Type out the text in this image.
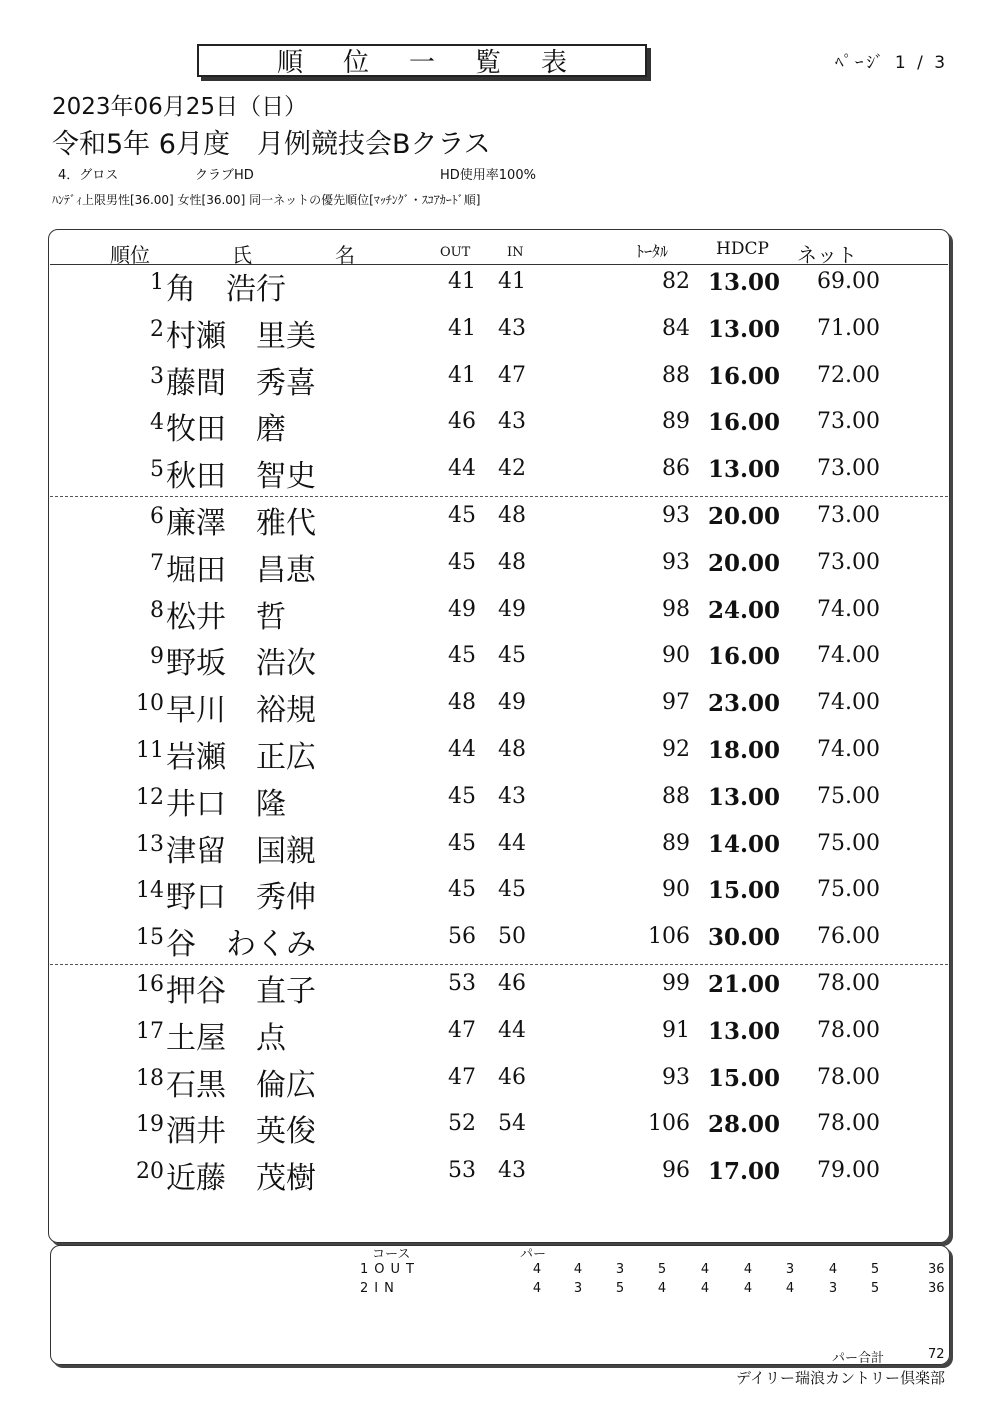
順位一覧表	ﾍﾟｰｼﾞ 1 / 3
2023年06月25日（日）
令和5年 6月度　月例競技会Bクラス
4．グロス	クラブHD	HD使用率100%
ﾊﾝﾃﾞｨ上限男性[36.00] 女性[36.00] 同一ネットの優先順位[ﾏｯﾁﾝｸﾞ・ｽｺｱｶｰﾄﾞ順]
順位	氏	名	OUT	IN	ﾄｰﾀﾙ	HDCP ネット
1 角　浩行	41	41	82 13.00	69.00
2 村瀬　里美	41	43	84 13.00	71.00
3 藤間　秀喜	41	47	88 16.00	72.00
4 牧田　磨	46	43	89 16.00	73.00
5 秋田　智史	44	42	86 13.00	73.00
6 廉澤　雅代	45	48	93 20.00	73.00
7 堀田　昌恵	45	48	93 20.00	73.00
8 松井　哲	49	49	98 24.00	74.00
9 野坂　浩次	45	45	90 16.00	74.00
10 早川　裕規	48	49	97 23.00	74.00
11 岩瀬　正広	44	48	92 18.00	74.00
12 井口　隆	45	43	88 13.00	75.00
13 津留　国親	45	44	89 14.00	75.00
14 野口　秀伸	45	45	90 15.00	75.00
15 谷　わくみ	56	50	106 30.00	76.00
16 押谷　直子	53	46	99 21.00	78.00
17 土屋　点	47	44	91 13.00	78.00
18 石黒　倫広	47	46	93 15.00	78.00
19 酒井　英俊	52	54	106 28.00	78.00
20 近藤　茂樹	53	43	96 17.00	79.00
コース	パー
1OUT	4	4	3	5	4	4	3	4	5	36
2IN	4	3	5	4	4	4	4	3	5	36
パー合計	72
デイリー瑞浪カントリー倶楽部
